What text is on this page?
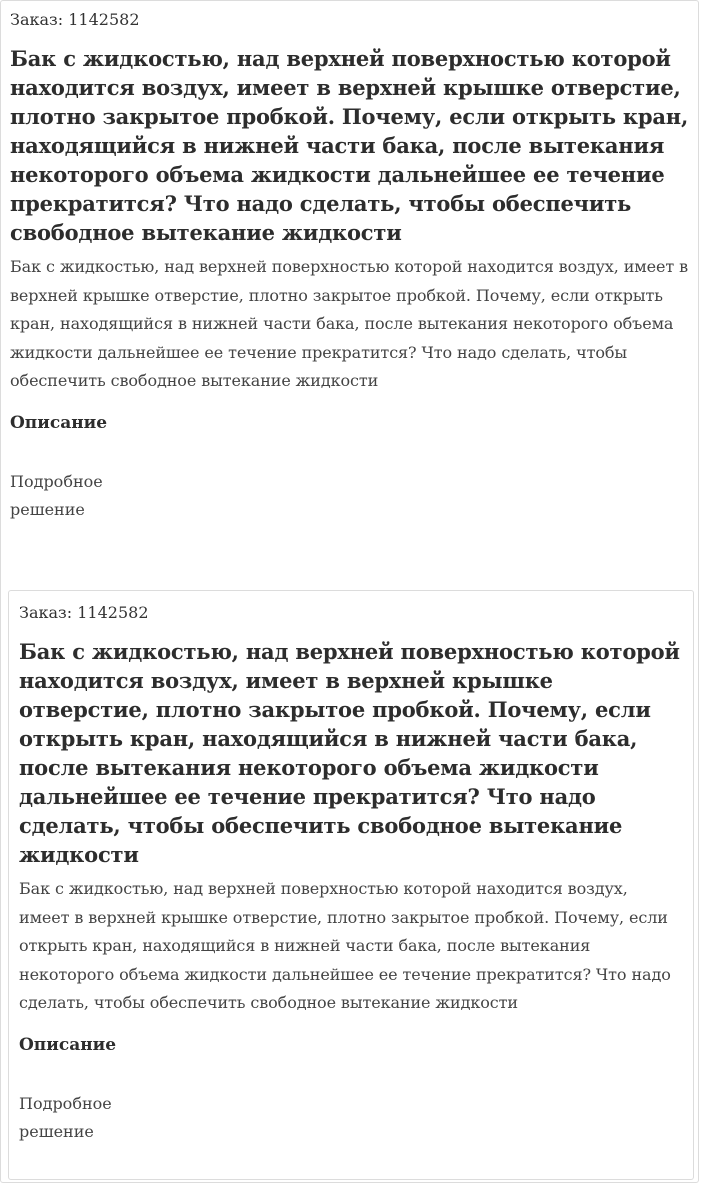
Заказ: 1142582
Бак с жидкостью, над верхней поверхностью которой находится воздух, имеет в верхней крышке отверстие, плотно закрытое пробкой. Почему, если открыть кран, находящийся в нижней части бака, после вытекания некоторого объема жидкости дальнейшее ее течение прекратится? Что надо сделать, чтобы обеспечить свободное вытекание жидкости
Бак с жидкостью, над верхней поверхностью которой находится воздух, имеет в верхней крышке отверстие, плотно закрытое пробкой. Почему, если открыть кран, находящийся в нижней части бака, после вытекания некоторого объема жидкости дальнейшее ее течение прекратится? Что надо сделать, чтобы обеспечить свободное вытекание жидкости
Описание
Подробное решение
Заказ: 1142582
Бак с жидкостью, над верхней поверхностью которой находится воздух, имеет в верхней крышке отверстие, плотно закрытое пробкой. Почему, если открыть кран, находящийся в нижней части бака, после вытекания некоторого объема жидкости дальнейшее ее течение прекратится? Что надо сделать, чтобы обеспечить свободное вытекание жидкости
Бак с жидкостью, над верхней поверхностью которой находится воздух, имеет в верхней крышке отверстие, плотно закрытое пробкой. Почему, если открыть кран, находящийся в нижней части бака, после вытекания некоторого объема жидкости дальнейшее ее течение прекратится? Что надо сделать, чтобы обеспечить свободное вытекание жидкости
Описание
Подробное решение
